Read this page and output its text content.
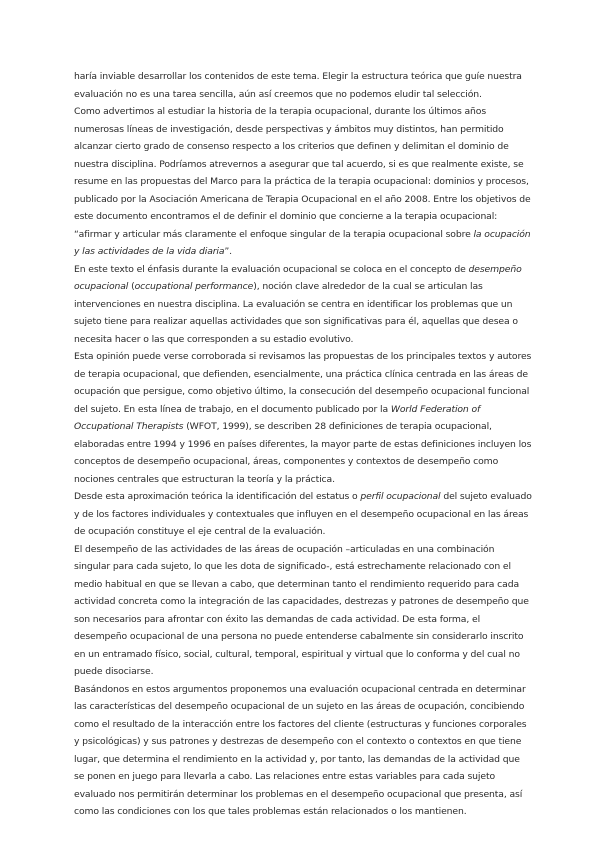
haría inviable desarrollar los contenidos de este tema. Elegir la estructura teórica que guíe nuestra evaluación no es una tarea sencilla, aún así creemos que no podemos eludir tal selección.

Como advertimos al estudiar la historia de la terapia ocupacional, durante los últimos años numerosas líneas de investigación, desde perspectivas y ámbitos muy distintos, han permitido alcanzar cierto grado de consenso respecto a los criterios que definen y delimitan el dominio de nuestra disciplina. Podríamos atrevernos a asegurar que tal acuerdo, si es que realmente existe, se resume en las propuestas del Marco para la práctica de la terapia ocupacional: dominios y procesos, publicado por la Asociación Americana de Terapia Ocupacional en el año 2008. Entre los objetivos de este documento encontramos el de definir el dominio que concierne a la terapia ocupacional: “afirmar y articular más claramente el enfoque singular de la terapia ocupacional sobre la ocupación y las actividades de la vida diaria”.

En este texto el énfasis durante la evaluación ocupacional se coloca en el concepto de desempeño ocupacional (occupational performance), noción clave alrededor de la cual se articulan las intervenciones en nuestra disciplina. La evaluación se centra en identificar los problemas que un sujeto tiene para realizar aquellas actividades que son significativas para él, aquellas que desea o necesita hacer o las que corresponden a su estadio evolutivo.

Esta opinión puede verse corroborada si revisamos las propuestas de los principales textos y autores de terapia ocupacional, que defienden, esencialmente, una práctica clínica centrada en las áreas de ocupación que persigue, como objetivo último, la consecución del desempeño ocupacional funcional del sujeto. En esta línea de trabajo, en el documento publicado por la World Federation of Occupational Therapists (WFOT, 1999), se describen 28 definiciones de terapia ocupacional, elaboradas entre 1994 y 1996 en países diferentes, la mayor parte de estas definiciones incluyen los conceptos de desempeño ocupacional, áreas, componentes y contextos de desempeño como nociones centrales que estructuran la teoría y la práctica.

Desde esta aproximación teórica la identificación del estatus o perfil ocupacional del sujeto evaluado y de los factores individuales y contextuales que influyen en el desempeño ocupacional en las áreas de ocupación constituye el eje central de la evaluación.

El desempeño de las actividades de las áreas de ocupación –articuladas en una combinación singular para cada sujeto, lo que les dota de significado-, está estrechamente relacionado con el medio habitual en que se llevan a cabo, que determinan tanto el rendimiento requerido para cada actividad concreta como la integración de las capacidades, destrezas y patrones de desempeño que son necesarios para afrontar con éxito las demandas de cada actividad. De esta forma, el desempeño ocupacional de una persona no puede entenderse cabalmente sin considerarlo inscrito en un entramado físico, social, cultural, temporal, espiritual y virtual que lo conforma y del cual no puede disociarse.

Basándonos en estos argumentos proponemos una evaluación ocupacional centrada en determinar las características del desempeño ocupacional de un sujeto en las áreas de ocupación, concibiendo como el resultado de la interacción entre los factores del cliente (estructuras y funciones corporales y psicológicas) y sus patrones y destrezas de desempeño con el contexto o contextos en que tiene lugar, que determina el rendimiento en la actividad y, por tanto, las demandas de la actividad que se ponen en juego para llevarla a cabo. Las relaciones entre estas variables para cada sujeto evaluado nos permitirán determinar los problemas en el desempeño ocupacional que presenta, así como las condiciones con los que tales problemas están relacionados o los mantienen.
